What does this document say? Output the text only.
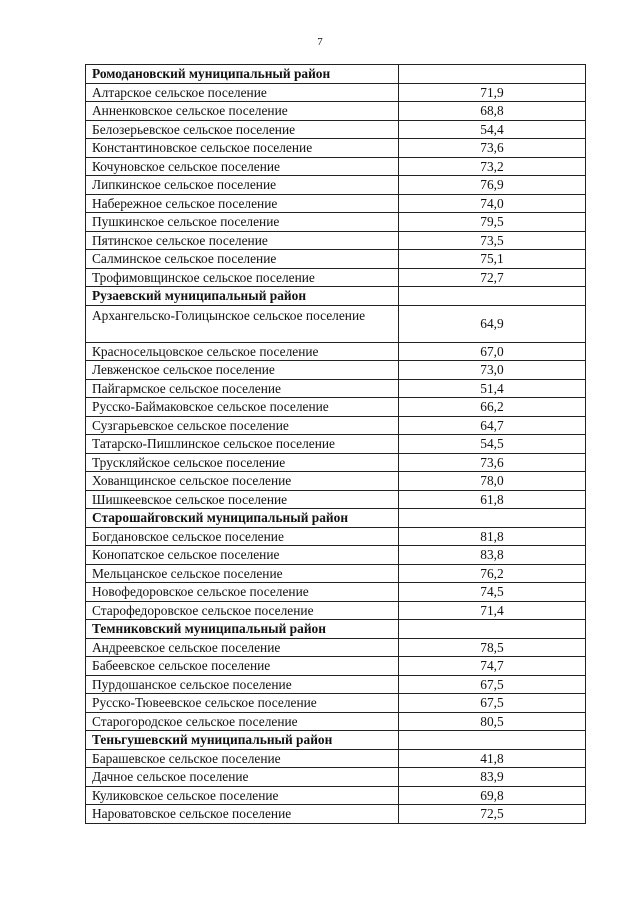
7
Ромодановский муниципальный район	
Алтарское сельское поселение	71,9
Анненковское сельское поселение	68,8
Белозерьевское сельское поселение	54,4
Константиновское сельское поселение	73,6
Кочуновское сельское поселение	73,2
Липкинское сельское поселение	76,9
Набережное сельское поселение	74,0
Пушкинское сельское поселение	79,5
Пятинское сельское поселение	73,5
Салминское сельское поселение	75,1
Трофимовщинское сельское поселение	72,7
Рузаевский муниципальный район	
Архангельско-Голицынское сельское поселение	64,9
Красносельцовское сельское поселение	67,0
Левженское сельское поселение	73,0
Пайгармское сельское поселение	51,4
Русско-Баймаковское сельское поселение	66,2
Сузгарьевское сельское поселение	64,7
Татарско-Пишлинское сельское поселение	54,5
Трускляйское сельское поселение	73,6
Хованщинское сельское поселение	78,0
Шишкеевское сельское поселение	61,8
Старошайговский муниципальный район	
Богдановское сельское поселение	81,8
Конопатское сельское поселение	83,8
Мельцанское сельское поселение	76,2
Новофедоровское сельское поселение	74,5
Старофедоровское сельское поселение	71,4
Темниковский муниципальный район	
Андреевское сельское поселение	78,5
Бабеевское сельское поселение	74,7
Пурдошанское сельское поселение	67,5
Русско-Тювеевское сельское поселение	67,5
Старогородское сельское поселение	80,5
Теньгушевский муниципальный район	
Барашевское сельское поселение	41,8
Дачное сельское поселение	83,9
Куликовское сельское поселение	69,8
Нароватовское сельское поселение	72,5
